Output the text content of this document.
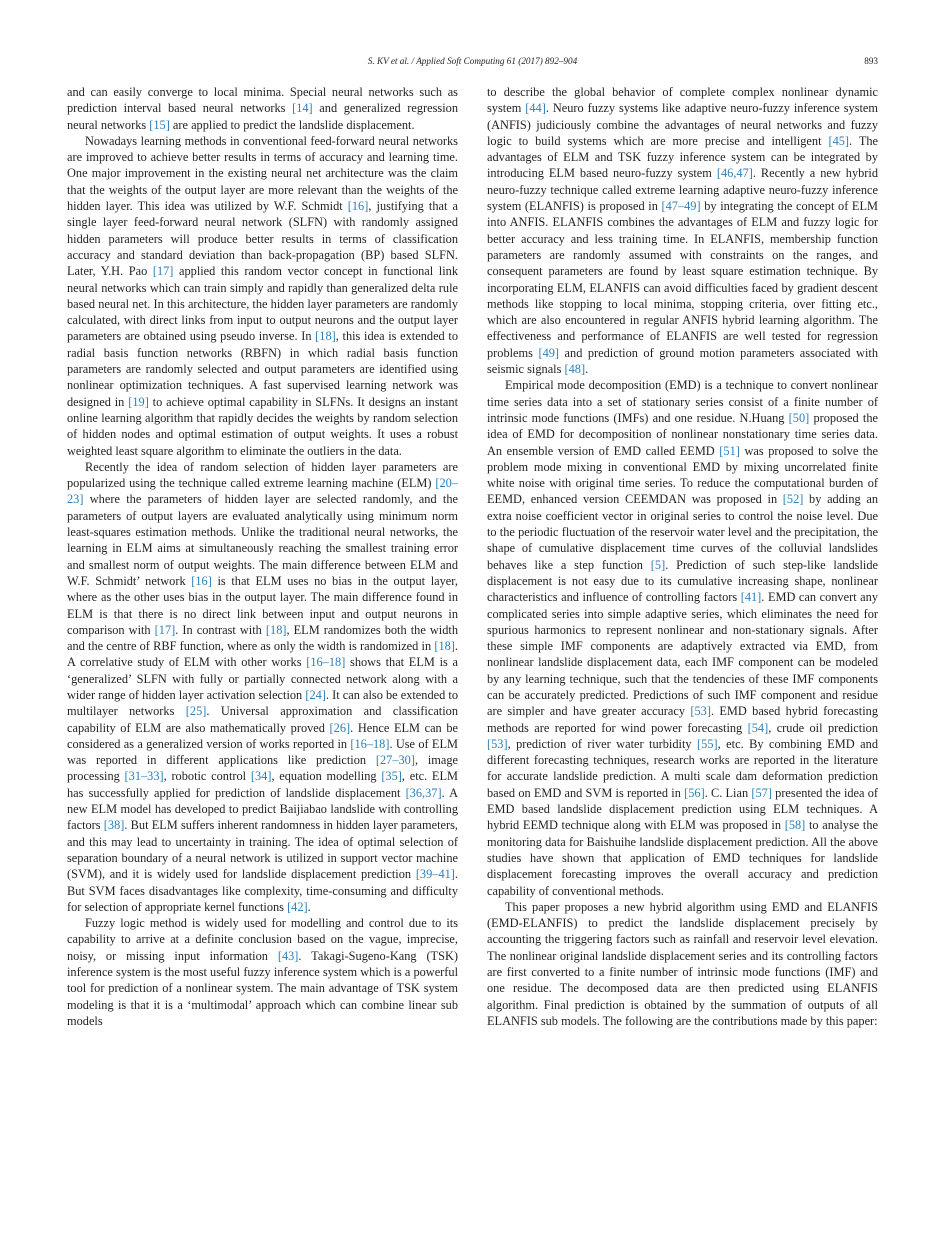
S. KV et al. / Applied Soft Computing 61 (2017) 892–904	893

and can easily converge to local minima. Special neural networks such as prediction interval based neural networks [14] and generalized regression neural networks [15] are applied to predict the landslide displacement.

Nowadays learning methods in conventional feed-forward neural networks are improved to achieve better results in terms of accuracy and learning time. One major improvement in the existing neural net architecture was the claim that the weights of the output layer are more relevant than the weights of the hidden layer. This idea was utilized by W.F. Schmidt [16], justifying that a single layer feed-forward neural network (SLFN) with randomly assigned hidden parameters will produce better results in terms of classification accuracy and standard deviation than back-propagation (BP) based SLFN. Later, Y.H. Pao [17] applied this random vector concept in functional link neural networks which can train simply and rapidly than generalized delta rule based neural net. In this architecture, the hidden layer parameters are randomly calculated, with direct links from input to output neurons and the output layer parameters are obtained using pseudo inverse. In [18], this idea is extended to radial basis function networks (RBFN) in which radial basis function parameters are randomly selected and output parameters are identified using nonlinear optimization techniques. A fast supervised learning network was designed in [19] to achieve optimal capability in SLFNs. It designs an instant online learning algorithm that rapidly decides the weights by random selection of hidden nodes and optimal estimation of output weights. It uses a robust weighted least square algorithm to eliminate the outliers in the data.

Recently the idea of random selection of hidden layer parameters are popularized using the technique called extreme learning machine (ELM) [20–23] where the parameters of hidden layer are selected randomly, and the parameters of output layers are evaluated analytically using minimum norm least-squares estimation methods. Unlike the traditional neural networks, the learning in ELM aims at simultaneously reaching the smallest training error and smallest norm of output weights. The main difference between ELM and W.F. Schmidt’ network [16] is that ELM uses no bias in the output layer, where as the other uses bias in the output layer. The main difference found in ELM is that there is no direct link between input and output neurons in comparison with [17]. In contrast with [18], ELM randomizes both the width and the centre of RBF function, where as only the width is randomized in [18]. A correlative study of ELM with other works [16–18] shows that ELM is a ‘generalized’ SLFN with fully or partially connected network along with a wider range of hidden layer activation selection [24]. It can also be extended to multilayer networks [25]. Universal approximation and classification capability of ELM are also mathematically proved [26]. Hence ELM can be considered as a generalized version of works reported in [16–18]. Use of ELM was reported in different applications like prediction [27–30], image processing [31–33], robotic control [34], equation modelling [35], etc. ELM has successfully applied for prediction of landslide displacement [36,37]. A new ELM model has developed to predict Baijiabao landslide with controlling factors [38]. But ELM suffers inherent randomness in hidden layer parameters, and this may lead to uncertainty in training. The idea of optimal selection of separation boundary of a neural network is utilized in support vector machine (SVM), and it is widely used for landslide displacement prediction [39–41]. But SVM faces disadvantages like complexity, time-consuming and difficulty for selection of appropriate kernel functions [42].

Fuzzy logic method is widely used for modelling and control due to its capability to arrive at a definite conclusion based on the vague, imprecise, noisy, or missing input information [43]. Takagi-Sugeno-Kang (TSK) inference system is the most useful fuzzy inference system which is a powerful tool for prediction of a nonlinear system. The main advantage of TSK system modeling is that it is a ‘multimodal’ approach which can combine linear sub models

to describe the global behavior of complete complex nonlinear dynamic system [44]. Neuro fuzzy systems like adaptive neuro-fuzzy inference system (ANFIS) judiciously combine the advantages of neural networks and fuzzy logic to build systems which are more precise and intelligent [45]. The advantages of ELM and TSK fuzzy inference system can be integrated by introducing ELM based neuro-fuzzy system [46,47]. Recently a new hybrid neuro-fuzzy technique called extreme learning adaptive neuro-fuzzy inference system (ELANFIS) is proposed in [47–49] by integrating the concept of ELM into ANFIS. ELANFIS combines the advantages of ELM and fuzzy logic for better accuracy and less training time. In ELANFIS, membership function parameters are randomly assumed with constraints on the ranges, and consequent parameters are found by least square estimation technique. By incorporating ELM, ELANFIS can avoid difficulties faced by gradient descent methods like stopping to local minima, stopping criteria, over fitting etc., which are also encountered in regular ANFIS hybrid learning algorithm. The effectiveness and performance of ELANFIS are well tested for regression problems [49] and prediction of ground motion parameters associated with seismic signals [48].

Empirical mode decomposition (EMD) is a technique to convert nonlinear time series data into a set of stationary series consist of a finite number of intrinsic mode functions (IMFs) and one residue. N.Huang [50] proposed the idea of EMD for decomposition of nonlinear nonstationary time series data. An ensemble version of EMD called EEMD [51] was proposed to solve the problem mode mixing in conventional EMD by mixing uncorrelated finite white noise with original time series. To reduce the computational burden of EEMD, enhanced version CEEMDAN was proposed in [52] by adding an extra noise coefficient vector in original series to control the noise level. Due to the periodic fluctuation of the reservoir water level and the precipitation, the shape of cumulative displacement time curves of the colluvial landslides behaves like a step function [5]. Prediction of such step-like landslide displacement is not easy due to its cumulative increasing shape, nonlinear characteristics and influence of controlling factors [41]. EMD can convert any complicated series into simple adaptive series, which eliminates the need for spurious harmonics to represent nonlinear and non-stationary signals. After these simple IMF components are adaptively extracted via EMD, from nonlinear landslide displacement data, each IMF component can be modeled by any learning technique, such that the tendencies of these IMF components can be accurately predicted. Predictions of such IMF component and residue are simpler and have greater accuracy [53]. EMD based hybrid forecasting methods are reported for wind power forecasting [54], crude oil prediction [53], prediction of river water turbidity [55], etc. By combining EMD and different forecasting techniques, research works are reported in the literature for accurate landslide prediction. A multi scale dam deformation prediction based on EMD and SVM is reported in [56]. C. Lian [57] presented the idea of EMD based landslide displacement prediction using ELM techniques. A hybrid EEMD technique along with ELM was proposed in [58] to analyse the monitoring data for Baishuihe landslide displacement prediction. All the above studies have shown that application of EMD techniques for landslide displacement forecasting improves the overall accuracy and prediction capability of conventional methods.

This paper proposes a new hybrid algorithm using EMD and ELANFIS (EMD-ELANFIS) to predict the landslide displacement precisely by accounting the triggering factors such as rainfall and reservoir level elevation. The nonlinear original landslide displacement series and its controlling factors are first converted to a finite number of intrinsic mode functions (IMF) and one residue. The decomposed data are then predicted using ELANFIS algorithm. Final prediction is obtained by the summation of outputs of all ELANFIS sub models. The following are the contributions made by this paper:
